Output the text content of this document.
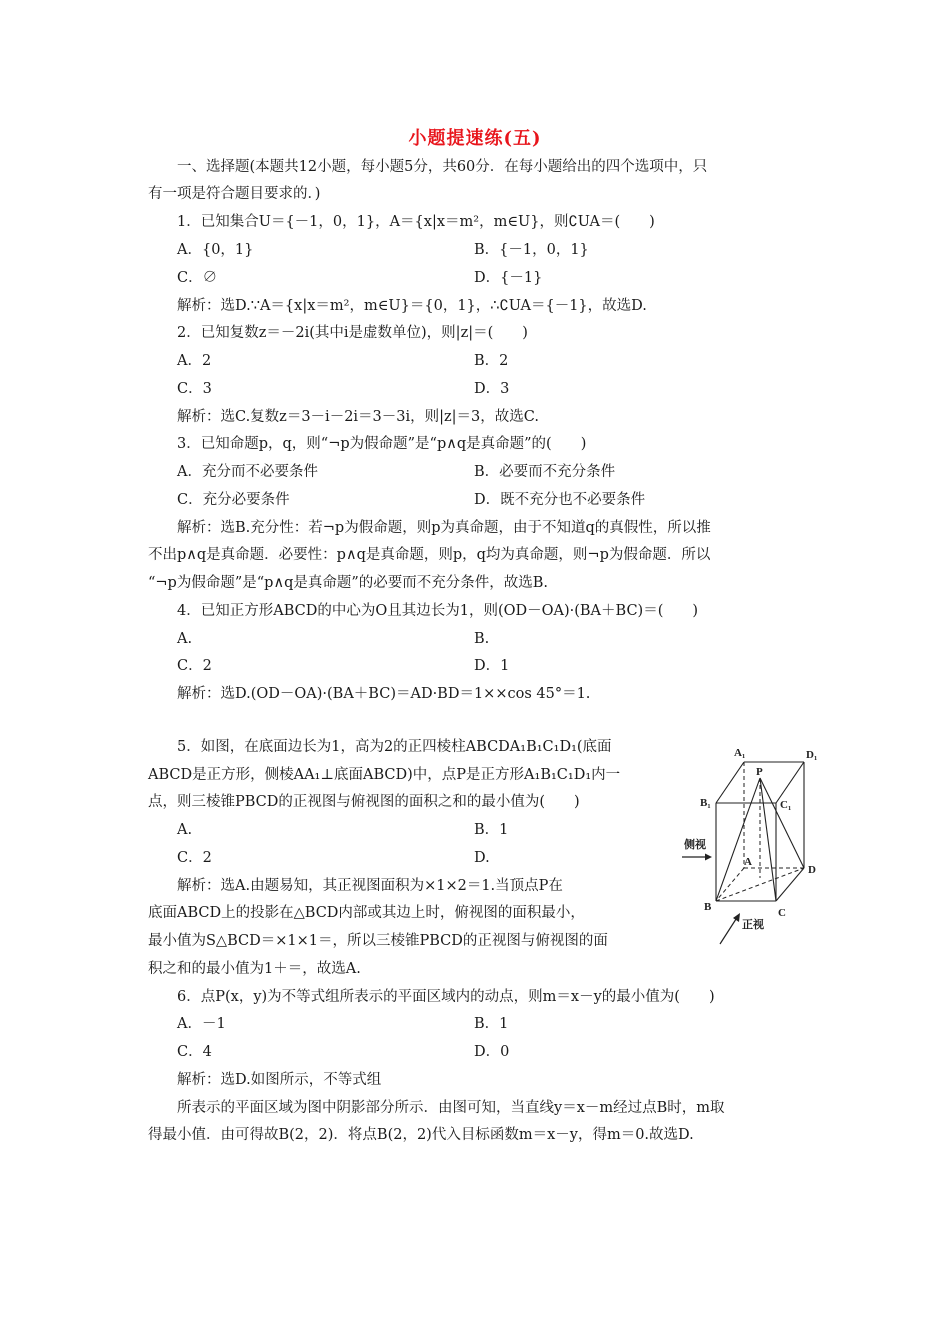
小题提速练(五)
一、选择题(本题共12小题，每小题5分，共60分．在每小题给出的四个选项中，只
有一项是符合题目要求的．)
1．已知集合U＝{－1，0，1}，A＝{x|x＝m²，m∈U}，则∁UA＝(　　)
A．{0，1}	B．{－1，0，1}
C．∅	D．{－1}
解析：选D.∵A＝{x|x＝m²，m∈U}＝{0，1}，∴∁UA＝{－1}，故选D.
2．已知复数z＝－2i(其中i是虚数单位)，则|z|＝(　　)
A．2	B．2
C．3	D．3
解析：选C.复数z＝3－i－2i＝3－3i，则|z|＝3，故选C.
3．已知命题p，q，则“¬p为假命题”是“p∧q是真命题”的(　　)
A．充分而不必要条件	B．必要而不充分条件
C．充分必要条件	D．既不充分也不必要条件
解析：选B.充分性：若¬p为假命题，则p为真命题，由于不知道q的真假性，所以推
不出p∧q是真命题．必要性：p∧q是真命题，则p，q均为真命题，则¬p为假命题．所以
“¬p为假命题”是“p∧q是真命题”的必要而不充分条件，故选B.
4．已知正方形ABCD的中心为O且其边长为1，则(OD－OA)·(BA＋BC)＝(　　)
A.	B.
C．2	D．1
解析：选D.(OD－OA)·(BA＋BC)＝AD·BD＝1××cos 45°＝1.
5．如图，在底面边长为1，高为2的正四棱柱ABCDA₁B₁C₁D₁(底面
ABCD是正方形，侧棱AA₁⊥底面ABCD)中，点P是正方形A₁B₁C₁D₁内一
点，则三棱锥PBCD的正视图与俯视图的面积之和的最小值为(　　)
A.	B．1
C．2	D.
解析：选A.由题易知，其正视图面积为×1×2＝1.当顶点P在
底面ABCD上的投影在△BCD内部或其边上时，俯视图的面积最小，
最小值为S△BCD＝×1×1＝，所以三棱锥PBCD的正视图与俯视图的面
积之和的最小值为1＋＝，故选A.
6．点P(x，y)为不等式组所表示的平面区域内的动点，则m＝x－y的最小值为(　　)
A．－1	B．1
C．4	D．0
解析：选D.如图所示，不等式组
所表示的平面区域为图中阴影部分所示．由图可知，当直线y＝x－m经过点B时，m取
得最小值．由可得故B(2，2)．将点B(2，2)代入目标函数m＝x－y，得m＝0.故选D.
A₁	D₁
B₁	C₁
P
A
D
B	C
侧视
正视
